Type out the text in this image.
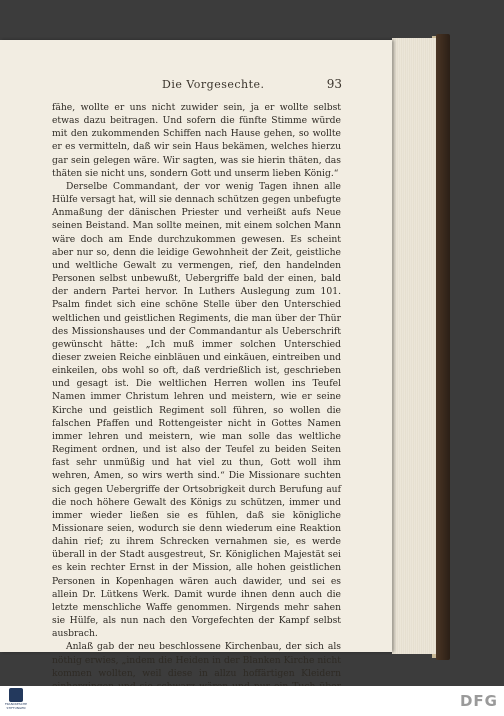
Die Vorgesechte.	93

fähe, wollte er uns nicht zuwider sein, ja er wollte selbst etwas dazu beitragen. Und sofern die fünfte Stimme würde mit den zukommenden Schiffen nach Hause gehen, so wollte er es vermitteln, daß wir sein Haus bekämen, welches hierzu gar sein gelegen wäre. Wir sagten, was sie hierin thäten, das thäten sie nicht uns, sondern Gott und unserm lieben König.“

Derselbe Commandant, der vor wenig Tagen ihnen alle Hülfe versagt hat, will sie dennach schützen gegen unbefugte Anmaßung der dänischen Priester und verheißt aufs Neue seinen Beistand. Man sollte meinen, mit einem solchen Mann wäre doch am Ende durchzukommen gewesen. Es scheint aber nur so, denn die leidige Gewohnheit der Zeit, geistliche und weltliche Gewalt zu vermengen, rief, den handelnden Personen selbst unbewußt, Uebergriffe bald der einen, bald der andern Partei hervor. In Luthers Auslegung zum 101. Psalm findet sich eine schöne Stelle über den Unterschied weltlichen und geistlichen Regiments, die man über der Thür des Missionshauses und der Commandantur als Ueberschrift gewünscht hätte: „Ich muß immer solchen Unterschied dieser zweien Reiche einbläuen und einkäuen, eintreiben und einkeilen, obs wohl so oft, daß verdrießlich ist, geschrieben und gesagt ist. Die weltlichen Herren wollen ins Teufel Namen immer Christum lehren und meistern, wie er seine Kirche und geistlich Regiment soll führen, so wollen die falschen Pfaffen und Rottengeister nicht in Gottes Namen immer lehren und meistern, wie man solle das weltliche Regiment ordnen, und ist also der Teufel zu beiden Seiten fast sehr unmüßig und hat viel zu thun, Gott woll ihm wehren, Amen, so wirs werth sind.“ Die Missionare suchten sich gegen Uebergriffe der Ortsobrigkeit durch Berufung auf die noch höhere Gewalt des Königs zu schützen, immer und immer wieder ließen sie es fühlen, daß sie königliche Missionare seien, wodurch sie denn wiederum eine Reaktion dahin rief; zu ihrem Schrecken vernahmen sie, es werde überall in der Stadt ausgestreut, Sr. Königlichen Majestät sei es kein rechter Ernst in der Mission, alle hohen geistlichen Personen in Kopenhagen wären auch dawider, und sei es allein Dr. Lütkens Werk. Damit wurde ihnen denn auch die letzte menschliche Waffe genommen. Nirgends mehr sahen sie Hülfe, als nun nach den Vorgefechten der Kampf selbst ausbrach.

Anlaß gab der neu beschlossene Kirchenbau, der sich als nöthig erwies, „indem die Heiden in der Blanken Kirche nicht kommen wollten, weil diese in allzu hoffärtigen Kleidern

FRANCKESCHE STIFTUNGEN	DFG
